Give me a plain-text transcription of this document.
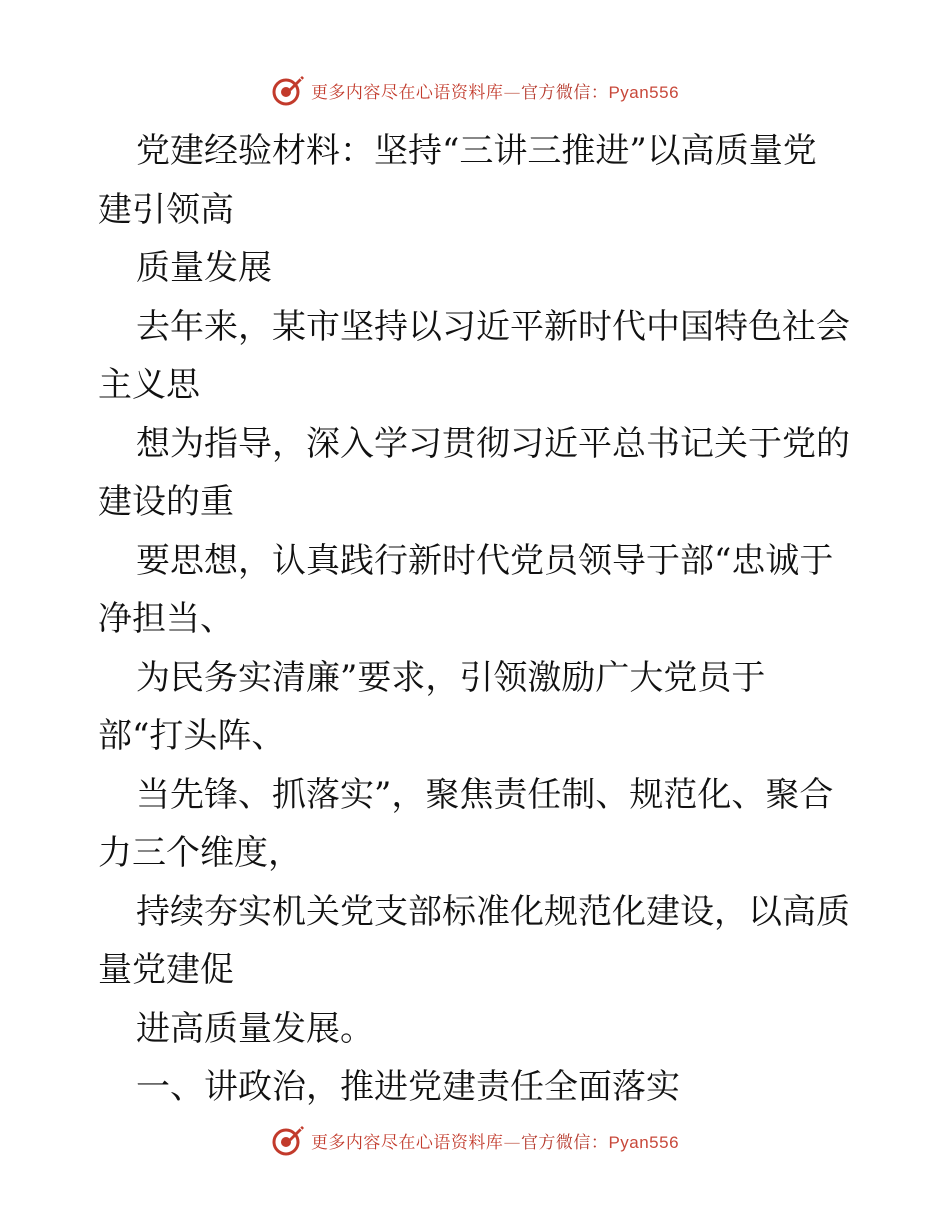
更多内容尽在心语资料库—官方微信：Pyan556
党建经验材料：坚持“三讲三推进”以高质量党
建引领高
质量发展
去年来，某市坚持以习近平新时代中国特色社会
主义思
想为指导，深入学习贯彻习近平总书记关于党的
建设的重
要思想，认真践行新时代党员领导于部“忠诚于
净担当、
为民务实清廉”要求，引领激励广大党员于
部“打头阵、
当先锋、抓落实”，聚焦责任制、规范化、聚合
力三个维度，
持续夯实机关党支部标准化规范化建设，以高质
量党建促
进高质量发展。
一、讲政治，推进党建责任全面落实
更多内容尽在心语资料库—官方微信：Pyan556
